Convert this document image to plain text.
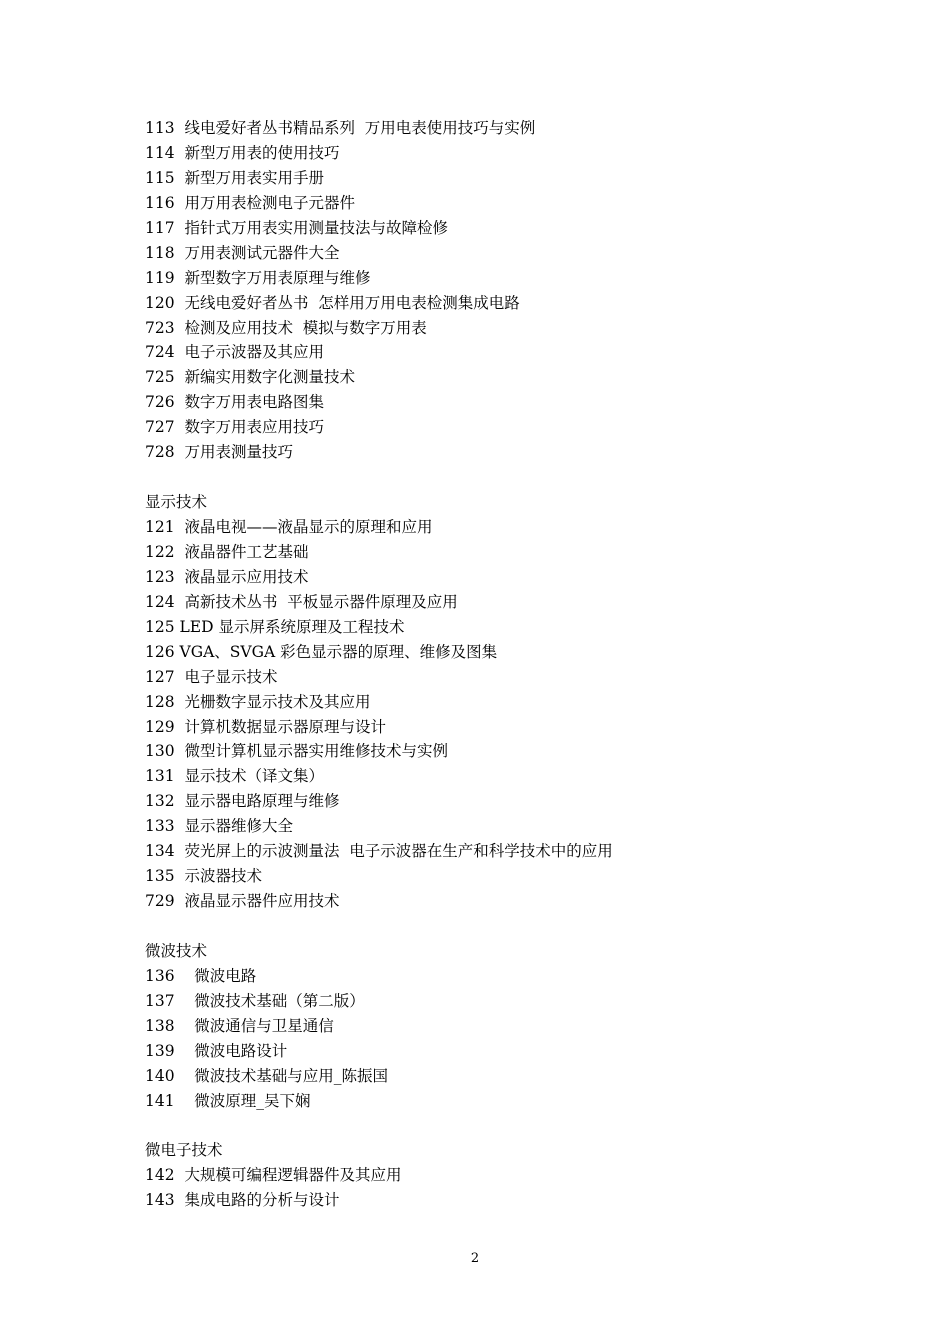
113  线电爱好者丛书精品系列  万用电表使用技巧与实例
114  新型万用表的使用技巧
115  新型万用表实用手册
116  用万用表检测电子元器件
117  指针式万用表实用测量技法与故障检修
118  万用表测试元器件大全
119  新型数字万用表原理与维修
120  无线电爱好者丛书  怎样用万用电表检测集成电路
723  检测及应用技术  模拟与数字万用表
724  电子示波器及其应用
725  新编实用数字化测量技术
726  数字万用表电路图集
727  数字万用表应用技巧
728  万用表测量技巧
显示技术
121  液晶电视——液晶显示的原理和应用
122  液晶器件工艺基础
123  液晶显示应用技术
124  高新技术丛书  平板显示器件原理及应用
125 LED 显示屏系统原理及工程技术
126 VGA、SVGA 彩色显示器的原理、维修及图集
127  电子显示技术
128  光栅数字显示技术及其应用
129  计算机数据显示器原理与设计
130  微型计算机显示器实用维修技术与实例
131  显示技术（译文集）
132  显示器电路原理与维修
133  显示器维修大全
134  荧光屏上的示波测量法  电子示波器在生产和科学技术中的应用
135  示波器技术
729  液晶显示器件应用技术
微波技术
136    微波电路
137    微波技术基础（第二版）
138    微波通信与卫星通信
139    微波电路设计
140    微波技术基础与应用_陈振国
141    微波原理_吴下娴
微电子技术
142  大规模可编程逻辑器件及其应用
143  集成电路的分析与设计
2
